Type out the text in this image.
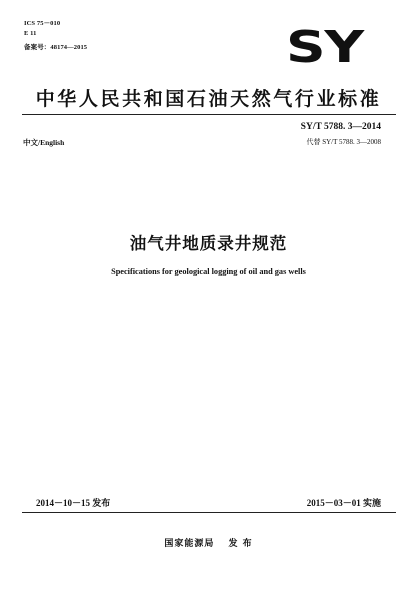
ICS 75－010
E 11
备案号：48174—2015	SY
中华人民共和国石油天然气行业标准
SY/T 5788. 3—2014
中文/English	代替 SY/T 5788. 3—2008
油气井地质录井规范
Specifications for geological logging of oil and gas wells
2014－10－15 发布	2015－03－01 实施
国家能源局 发 布
